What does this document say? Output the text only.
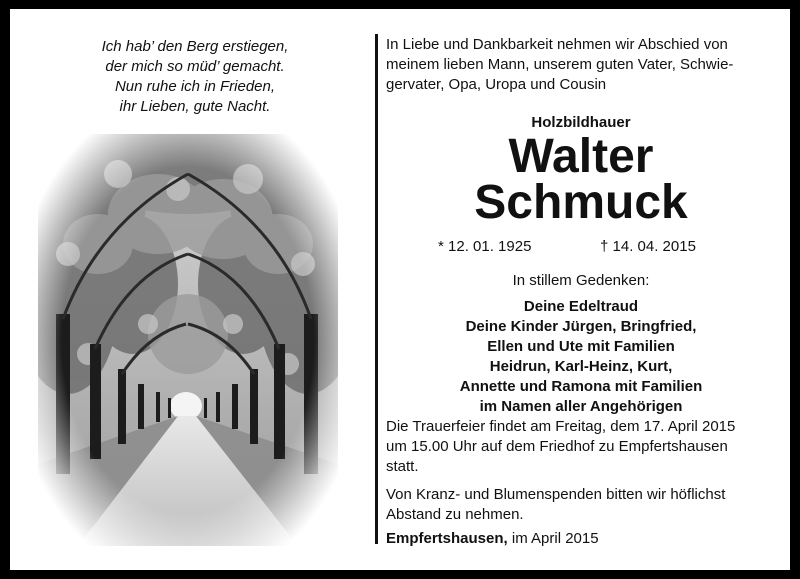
Ich hab’ den Berg erstiegen,
der mich so müd’ gemacht.
Nun ruhe ich in Frieden,
ihr Lieben, gute Nacht.
In Liebe und Dankbarkeit nehmen wir Abschied von
meinem lieben Mann, unserem guten Vater, Schwie-
gervater, Opa, Uropa und Cousin
Holzbildhauer
Walter
Schmuck
* 12. 01. 1925	† 14. 04. 2015
In stillem Gedenken:
Deine Edeltraud
Deine Kinder Jürgen, Bringfried,
Ellen und Ute mit Familien
Heidrun, Karl-Heinz, Kurt,
Annette und Ramona mit Familien
im Namen aller Angehörigen
Die Trauerfeier findet am Freitag, dem 17. April 2015
um 15.00 Uhr auf dem Friedhof zu Empfertshausen
statt.
Von Kranz- und Blumenspenden bitten wir höflichst
Abstand zu nehmen.
Empfertshausen, im April 2015
